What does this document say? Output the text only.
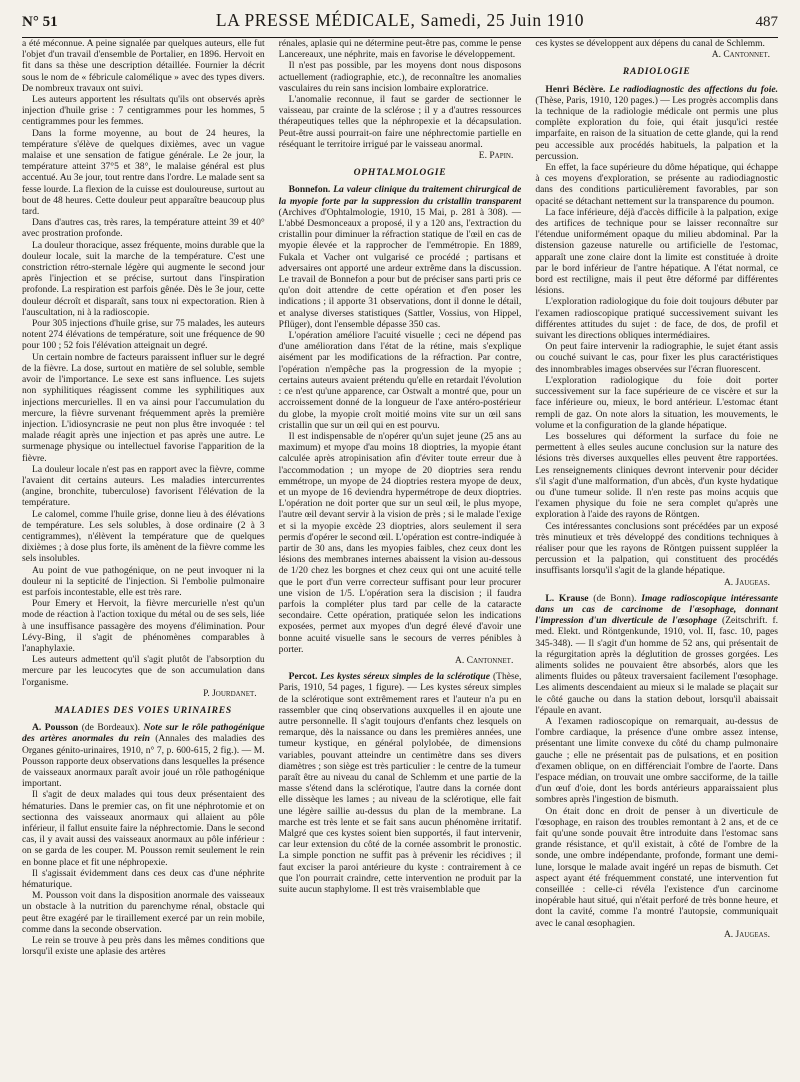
N° 51	LA PRESSE MÉDICALE, Samedi, 25 Juin 1910	487

a été méconnue. A peine signalée par quelques auteurs, elle fut l'objet d'un travail d'ensemble de Portalier, en 1896. Hervoit en fit dans sa thèse une description détaillée. Fournier la décrit sous le nom de « fébricule calomélique » avec des types divers. De nombreux travaux ont suivi.

Les auteurs apportent les résultats qu'ils ont observés après injection d'huile grise : 7 centigrammes pour les hommes, 5 centigrammes pour les femmes.

Dans la forme moyenne, au bout de 24 heures, la température s'élève de quelques dixièmes, avec un vague malaise et une sensation de fatigue générale. Le 2e jour, la température atteint 37°5 et 38°, le malaise général est plus accentué. Au 3e jour, tout rentre dans l'ordre. Le malade sent sa fesse lourde. La flexion de la cuisse est douloureuse, surtout au bout de 48 heures. Cette douleur peut apparaître beaucoup plus tard.

Dans d'autres cas, très rares, la température atteint 39 et 40° avec prostration profonde.

La douleur thoracique, assez fréquente, moins durable que la douleur locale, suit la marche de la température. C'est une constriction rétro-sternale légère qui augmente le second jour après l'injection et se précise, surtout dans l'inspiration profonde. La respiration est parfois gênée. Dès le 3e jour, cette douleur décroît et disparaît, sans toux ni expectoration. Rien à l'auscultation, ni à la radioscopie.

Pour 305 injections d'huile grise, sur 75 malades, les auteurs notent 274 élévations de température, soit une fréquence de 90 pour 100 ; 52 fois l'élévation atteignait un degré.

Un certain nombre de facteurs paraissent influer sur le degré de la fièvre. La dose, surtout en matière de sel soluble, semble avoir de l'importance. Le sexe est sans influence. Les sujets non syphilitiques réagissent comme les syphilitiques aux injections mercurielles. Il en va ainsi pour l'accumulation du mercure, la fièvre survenant fréquemment après la première injection. L'idiosyncrasie ne peut non plus être invoquée : tel malade réagit après une injection et pas après une autre. Le surmenage physique ou intellectuel favorise l'apparition de la fièvre.

La douleur locale n'est pas en rapport avec la fièvre, comme l'avaient dit certains auteurs. Les maladies intercurrentes (angine, bronchite, tuberculose) favorisent l'élévation de la température.

Le calomel, comme l'huile grise, donne lieu à des élévations de température. Les sels solubles, à dose ordinaire (2 à 3 centigrammes), n'élèvent la température que de quelques dixièmes ; à dose plus forte, ils amènent de la fièvre comme les sels insolubles.

Au point de vue pathogénique, on ne peut invoquer ni la douleur ni la septicité de l'injection. Si l'embolie pulmonaire est parfois incontestable, elle est très rare.

Pour Emery et Hervoit, la fièvre mercurielle n'est qu'un mode de réaction à l'action toxique du métal ou de ses sels, liée à une insuffisance passagère des moyens d'élimination. Pour Lévy-Bing, il s'agit de phénomènes comparables à l'anaphylaxie.

Les auteurs admettent qu'il s'agit plutôt de l'absorption du mercure par les leucocytes que de son accumulation dans l'organisme.

P. Jourdanet.
MALADIES DES VOIES URINAIRES

A. Pousson (de Bordeaux). Note sur le rôle pathogénique des artères anormales du rein (Annales des maladies des Organes génito-urinaires, 1910, n° 7, p. 600-615, 2 fig.). — M. Pousson rapporte deux observations dans lesquelles la présence de vaisseaux anormaux paraît avoir joué un rôle pathogénique important.

Il s'agit de deux malades qui tous deux présentaient des hématuries. Dans le premier cas, on fit une néphrotomie et on sectionna des vaisseaux anormaux qui allaient au pôle inférieur, il fallut ensuite faire la néphrectomie. Dans le second cas, il y avait aussi des vaisseaux anormaux au pôle inférieur : on se garda de les couper. M. Pousson remit seulement le rein en bonne place et fit une néphropexie.

Il s'agissait évidemment dans ces deux cas d'une néphrite hématurique.

M. Pousson voit dans la disposition anormale des vaisseaux un obstacle à la nutrition du parenchyme rénal, obstacle qui peut être exagéré par le tiraillement exercé par un rein mobile, comme dans la seconde observation.

Le rein se trouve à peu près dans les mêmes conditions que lorsqu'il existe une aplasie des artères

rénales, aplasie qui ne détermine peut-être pas, comme le pense Lancereaux, une néphrite, mais en favorise le développement.

Il n'est pas possible, par les moyens dont nous disposons actuellement (radiographie, etc.), de reconnaître les anomalies vasculaires du rein sans incision lombaire exploratrice.

L'anomalie reconnue, il faut se garder de sectionner le vaisseau, par crainte de la sclérose ; il y a d'autres ressources thérapeutiques telles que la néphropexie et la décapsulation. Peut-être aussi pourrait-on faire une néphrectomie partielle en réséquant le territoire irrigué par le vaisseau anormal.

E. Papin.
OPHTALMOLOGIE

Bonnefon. La valeur clinique du traitement chirurgical de la myopie forte par la suppression du cristallin transparent (Archives d'Ophtalmologie, 1910, 15 Mai, p. 281 à 308). — L'abbé Desmonceaux a proposé, il y a 120 ans, l'extraction du cristallin pour diminuer la réfraction statique de l'œil en cas de myopie élevée et la rapprocher de l'emmétropie. En 1889, Fukala et Vacher ont vulgarisé ce procédé ; partisans et adversaires ont apporté une ardeur extrême dans la discussion. Le travail de Bonnefon a pour but de préciser sans parti pris ce qu'on doit attendre de cette opération et d'en poser les indications ; il apporte 31 observations, dont il donne le détail, et analyse diverses statistiques (Sattler, Vossius, von Hippel, Pflüger), dont l'ensemble dépasse 350 cas.

L'opération améliore l'acuité visuelle ; ceci ne dépend pas d'une amélioration dans l'état de la rétine, mais s'explique aisément par les modifications de la réfraction. Par contre, l'opération n'empêche pas la progression de la myopie ; certains auteurs avaient prétendu qu'elle en retardait l'évolution : ce n'est qu'une apparence, car Ostwalt a montré que, pour un accroissement donné de la longueur de l'axe antéro-postérieur du globe, la myopie croît moitié moins vite sur un œil sans cristallin que sur un œil qui en est pourvu.

Il est indispensable de n'opérer qu'un sujet jeune (25 ans au maximum) et myope d'au moins 18 dioptries, la myopie étant calculée après atropinisation afin d'éviter toute erreur due à l'accommodation ; un myope de 20 dioptries sera rendu emmétrope, un myope de 24 dioptries restera myope de deux, et un myope de 16 deviendra hypermétrope de deux dioptries. L'opération ne doit porter que sur un seul œil, le plus myope, l'autre œil devant servir à la vision de près ; si le malade l'exige et si la myopie excède 23 dioptries, alors seulement il sera permis d'opérer le second œil. L'opération est contre-indiquée à partir de 30 ans, dans les myopies faibles, chez ceux dont les lésions des membranes internes abaissent la vision au-dessous de 1/20 chez les borgnes et chez ceux qui ont une acuité telle que le port d'un verre correcteur suffisant pour leur procurer une vision de 1/5. L'opération sera la discision ; il faudra parfois la compléter plus tard par celle de la cataracte secondaire. Cette opération, pratiquée selon les indications exposées, permet aux myopes d'un degré élevé d'avoir une bonne acuité visuelle sans le secours de verres pénibles à porter.

A. Cantonnet.

Percot. Les kystes séreux simples de la sclérotique (Thèse, Paris, 1910, 54 pages, 1 figure). — Les kystes séreux simples de la sclérotique sont extrêmement rares et l'auteur n'a pu en rassembler que cinq observations auxquelles il en ajoute une autre personnelle. Il s'agit toujours d'enfants chez lesquels on remarque, dès la naissance ou dans les premières années, une tumeur kystique, en général polylobée, de dimensions variables, pouvant atteindre un centimètre dans ses divers diamètres ; son siège est très particulier : le centre de la tumeur paraît être au niveau du canal de Schlemm et une partie de la masse s'étend dans la sclérotique, l'autre dans la cornée dont elle dissèque les lames ; au niveau de la sclérotique, elle fait une légère saillie au-dessus du plan de la membrane. La marche est très lente et se fait sans aucun phénomène irritatif. Malgré que ces kystes soient bien supportés, il faut intervenir, car leur extension du côté de la cornée assombrit le pronostic. La simple ponction ne suffit pas à prévenir les récidives ; il faut exciser la paroi antérieure du kyste : contrairement à ce que l'on pourrait craindre, cette intervention ne produit par la suite aucun staphylome. Il est très vraisemblable que

ces kystes se développent aux dépens du canal de Schlemm.

A. Cantonnet.
RADIOLOGIE

Henri Béclère. Le radiodiagnostic des affections du foie. (Thèse, Paris, 1910, 120 pages.) — Les progrès accomplis dans la technique de la radiologie médicale ont permis une plus complète exploration du foie, qui était jusqu'ici restée imparfaite, en raison de la situation de cette glande, qui la rend peu accessible aux procédés habituels, la palpation et la percussion.

En effet, la face supérieure du dôme hépatique, qui échappe à ces moyens d'exploration, se présente au radiodiagnostic dans des conditions particulièrement favorables, par son opacité se détachant nettement sur la transparence du poumon.

La face inférieure, déjà d'accès difficile à la palpation, exige des artifices de technique pour se laisser reconnaître sur l'étendue uniformément opaque du milieu abdominal. Par la distension gazeuse naturelle ou artificielle de l'estomac, apparaît une zone claire dont la limite est constituée à droite par le bord inférieur de l'antre hépatique. A l'état normal, ce bord est rectiligne, mais il peut être déformé par différentes lésions.

L'exploration radiologique du foie doit toujours débuter par l'examen radioscopique pratiqué successivement suivant les différentes attitudes du sujet : de face, de dos, de profil et suivant les directions obliques intermédiaires.

On peut faire intervenir la radiographie, le sujet étant assis ou couché suivant le cas, pour fixer les plus caractéristiques des innombrables images observées sur l'écran fluorescent.

L'exploration radiologique du foie doit porter successivement sur la face supérieure de ce viscère et sur la face inférieure ou, mieux, le bord antérieur. L'estomac étant rempli de gaz. On note alors la situation, les mouvements, le volume et la configuration de la glande hépatique.

Les bosselures qui déforment la surface du foie ne permettent à elles seules aucune conclusion sur la nature des lésions très diverses auxquelles elles peuvent être rapportées. Les renseignements cliniques devront intervenir pour décider s'il s'agit d'une malformation, d'un abcès, d'un kyste hydatique ou d'une tumeur solide. Il n'en reste pas moins acquis que l'examen physique du foie ne sera complet qu'après une exploration à l'aide des rayons de Röntgen.

Ces intéressantes conclusions sont précédées par un exposé très minutieux et très développé des conditions techniques à réaliser pour que les rayons de Röntgen puissent suppléer la percussion et la palpation, qui constituent des procédés insuffisants lorsqu'il s'agit de la glande hépatique.

A. Jaugeas.

L. Krause (de Bonn). Image radioscopique intéressante dans un cas de carcinome de l'œsophage, donnant l'impression d'un diverticule de l'œsophage (Zeitschrift. f. med. Elekt. und Röntgenkunde, 1910, vol. II, fasc. 10, pages 345-348). — Il s'agit d'un homme de 52 ans, qui présentait de la régurgitation après la déglutition de grosses gorgées. Les aliments solides ne pouvaient être absorbés, alors que les aliments fluides ou pâteux traversaient facilement l'œsophage. Les aliments descendaient au mieux si le malade se plaçait sur le côté gauche ou dans la station debout, lorsqu'il abaissait l'épaule en avant.

A l'examen radioscopique on remarquait, au-dessus de l'ombre cardiaque, la présence d'une ombre assez intense, présentant une limite convexe du côté du champ pulmonaire gauche ; elle ne présentait pas de pulsations, et en position d'examen oblique, on en différenciait l'ombre de l'aorte. Dans l'espace médian, on trouvait une ombre sacciforme, de la taille d'un œuf d'oie, dont les bords antérieurs apparaissaient plus sombres après l'ingestion de bismuth.

On était donc en droit de penser à un diverticule de l'œsophage, en raison des troubles remontant à 2 ans, et de ce fait qu'une sonde pouvait être introduite dans l'estomac sans grande résistance, et qu'il existait, à côté de l'ombre de la sonde, une ombre indépendante, profonde, formant une demi-lune, lorsque le malade avait ingéré un repas de bismuth. Cet aspect ayant été fréquemment constaté, une intervention fut conseillée : celle-ci révéla l'existence d'un carcinome inopérable haut situé, qui n'était perforé de très bonne heure, et dont la cavité, comme l'a montré l'autopsie, communiquait avec le canal œsophagien.

A. Jaugeas.
